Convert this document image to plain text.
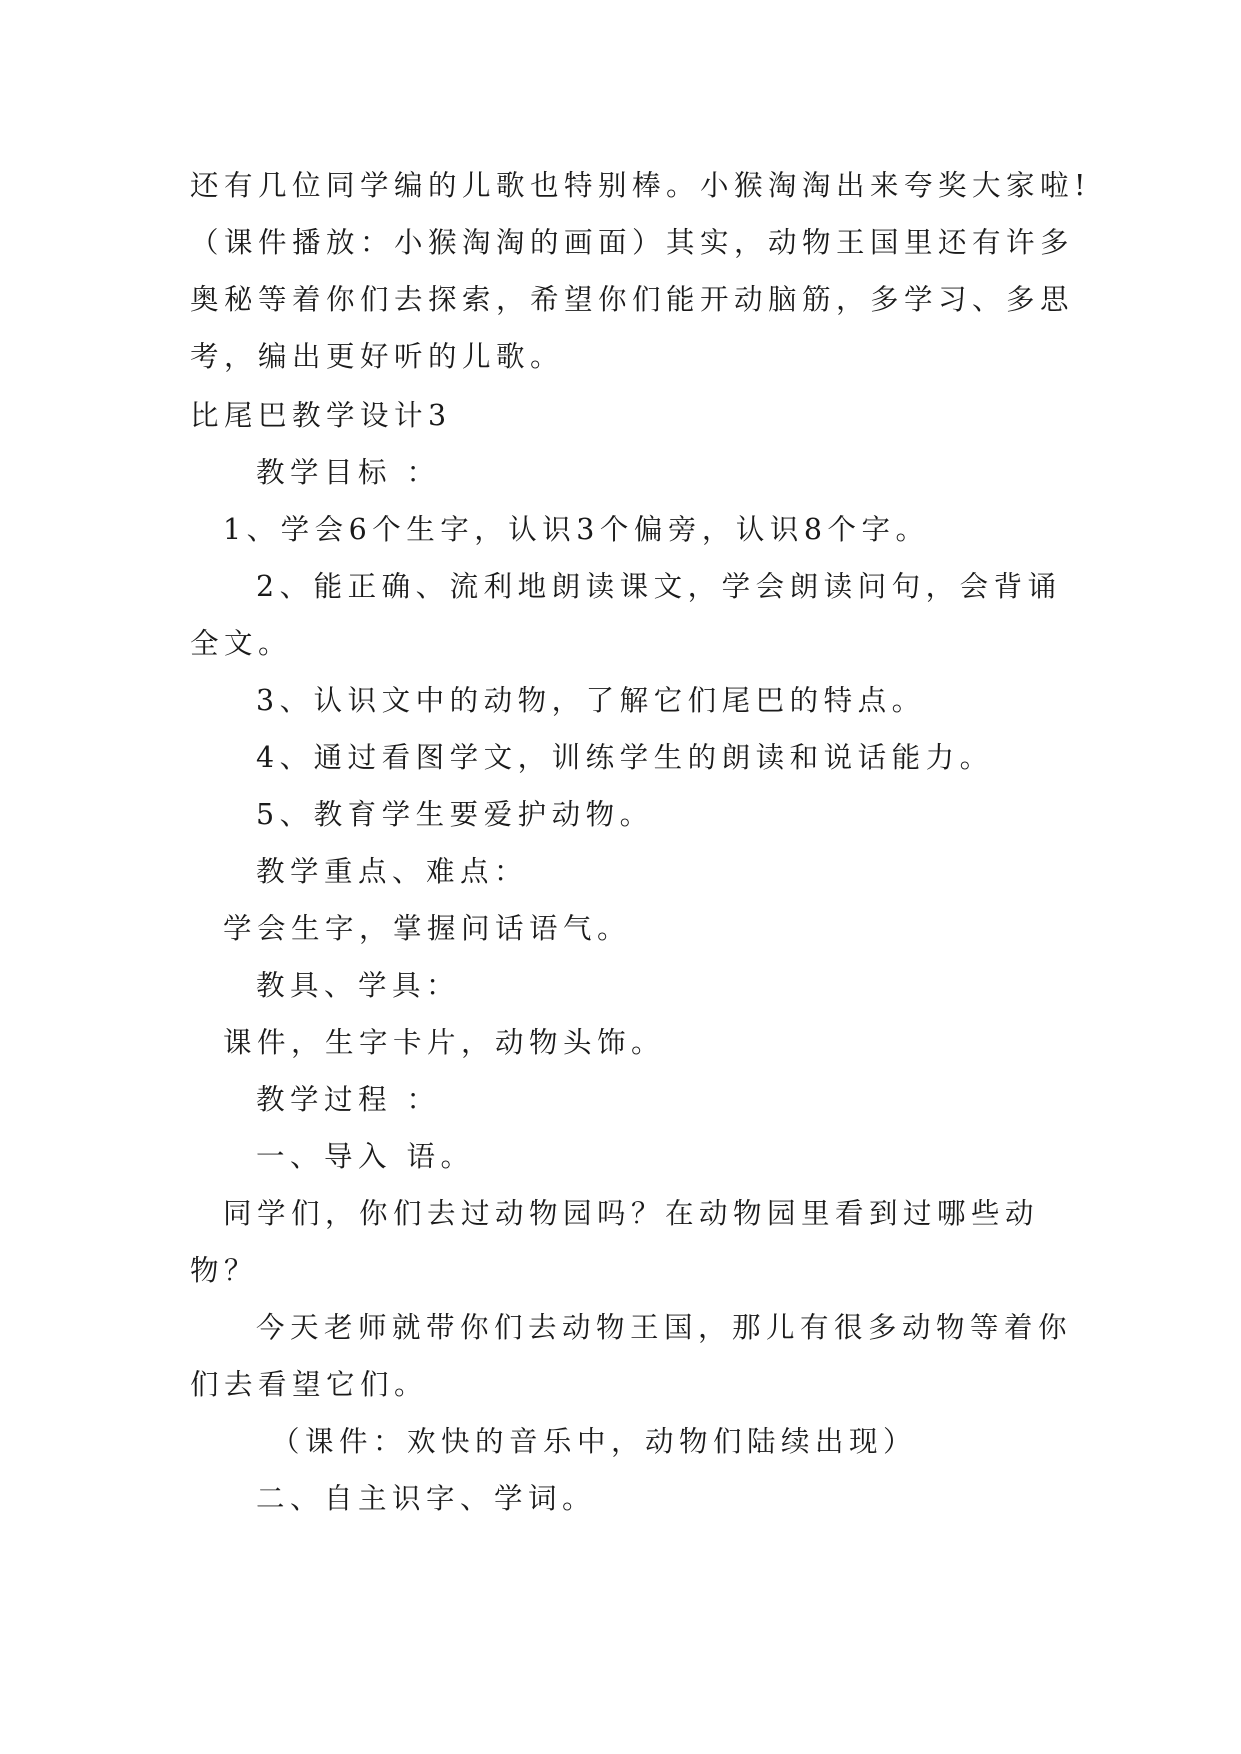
还有几位同学编的儿歌也特别棒。小猴淘淘出来夸奖大家啦!
（课件播放：小猴淘淘的画面）其实，动物王国里还有许多
奥秘等着你们去探索，希望你们能开动脑筋，多学习、多思
考，编出更好听的儿歌。
比尾巴教学设计3
教学目标 ：
1、学会6个生字，认识3个偏旁，认识8个字。
2、能正确、流利地朗读课文，学会朗读问句，会背诵
全文。
3、认识文中的动物，了解它们尾巴的特点。
4、通过看图学文，训练学生的朗读和说话能力。
5、教育学生要爱护动物。
教学重点、难点：
学会生字，掌握问话语气。
教具、学具：
课件，生字卡片，动物头饰。
教学过程 ：
一、导入 语。
同学们，你们去过动物园吗？在动物园里看到过哪些动
物？
今天老师就带你们去动物王国，那儿有很多动物等着你
们去看望它们。
（课件：欢快的音乐中，动物们陆续出现）
二、自主识字、学词。
